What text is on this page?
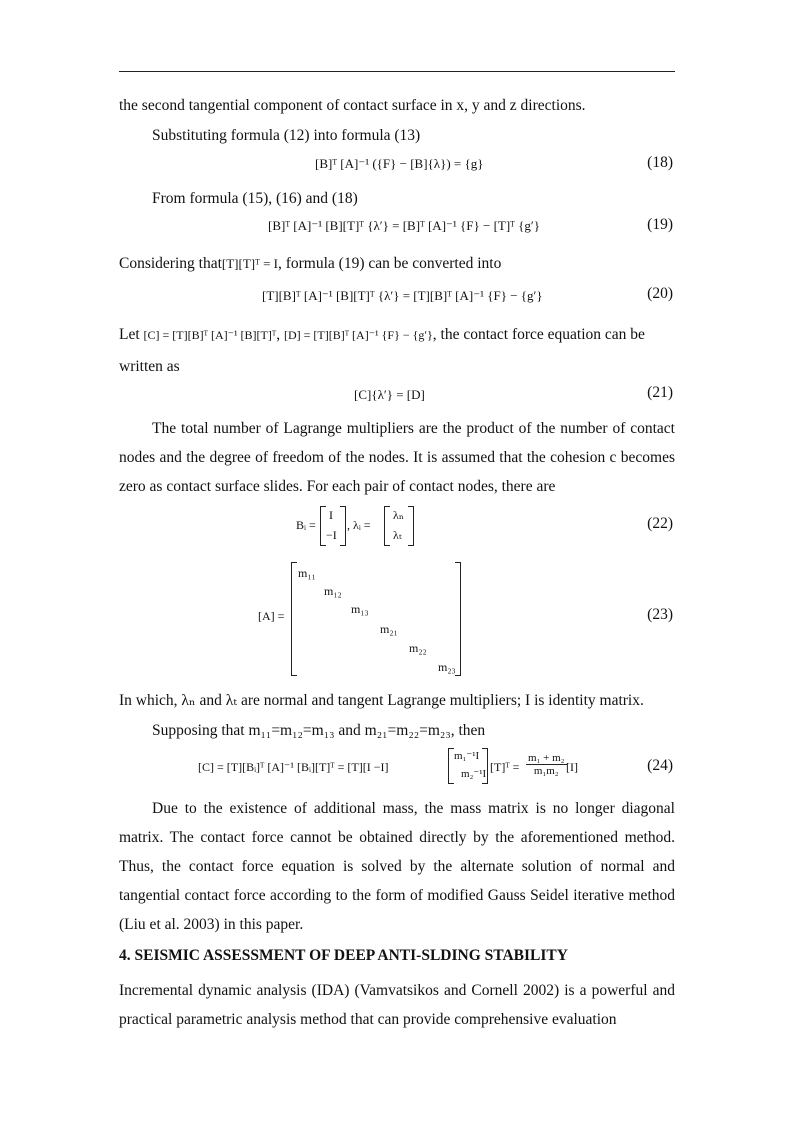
the second tangential component of contact surface in x, y and z directions.
Substituting formula (12) into formula (13)
[B]ᵀ [A]⁻¹ ({F} − [B]{λ}) = {g}	(18)
From formula (15), (16) and (18)
[B]ᵀ [A]⁻¹ [B][T]ᵀ {λʹ} = [B]ᵀ [A]⁻¹ {F} − [T]ᵀ {gʹ}	(19)
Considering that[T][T]ᵀ = I, formula (19) can be converted into
[T][B]ᵀ [A]⁻¹ [B][T]ᵀ {λʹ} = [T][B]ᵀ [A]⁻¹ {F} − {gʹ}	(20)
Let [C] = [T][B]ᵀ [A]⁻¹ [B][T]ᵀ, [D] = [T][B]ᵀ [A]⁻¹ {F} − {gʹ}, the contact force equation can be
written as
[C]{λʹ} = [D]	(21)
The total number of Lagrange multipliers are the product of the number of contact nodes and the degree of freedom of the nodes. It is assumed that the cohesion c becomes zero as contact surface slides. For each pair of contact nodes, there are
Bᵢ =
I
−I
, λᵢ =
λₙ
λₜ
(22)
[A] =
m₁₁
m₁₂
m₁₃
m₂₁
m₂₂
m₂₃
(23)
In which, λₙ and λₜ are normal and tangent Lagrange multipliers; I is identity matrix.
Supposing that m₁₁=m₁₂=m₁₃ and m₂₁=m₂₂=m₂₃, then
[C] = [T][Bᵢ]ᵀ [A]⁻¹ [Bᵢ][T]ᵀ = [T][I −I]
m₁⁻¹I
m₂⁻¹I [T]ᵀ = $\frac{\text{m₁ + m₂}}{\text{m₁m₂}} [I]$	(24)
Due to the existence of additional mass, the mass matrix is no longer diagonal matrix. The contact force cannot be obtained directly by the aforementioned method. Thus, the contact force equation is solved by the alternate solution of normal and tangential contact force according to the form of modified Gauss Seidel iterative method (Liu et al. 2003) in this paper.
4. SEISMIC ASSESSMENT OF DEEP ANTI-SLDING STABILITY
Incremental dynamic analysis (IDA) (Vamvatsikos and Cornell 2002) is a powerful and practical parametric analysis method that can provide comprehensive evaluation
